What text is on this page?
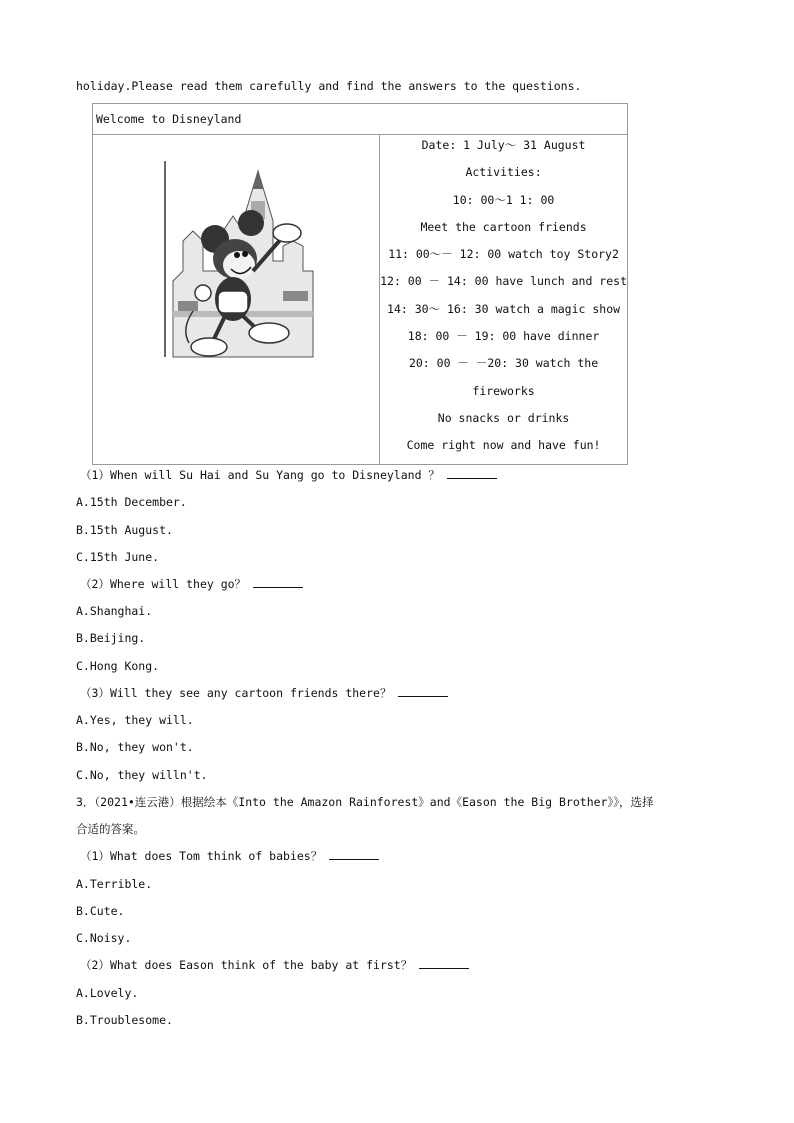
holiday.Please read them carefully and find the answers to the questions.
Welcome to Disneyland

Date: 1 July～ 31 August
Activities:
10: 00～1 1: 00
Meet the cartoon friends
11: 00～－ 12: 00 watch toy Story2
12: 00 － 14: 00 have lunch and rest
14: 30～ 16: 30 watch a magic show
18: 00 － 19: 00 have dinner
20: 00 － －20: 30 watch the
fireworks
No snacks or drinks
Come right now and have fun!
（1）When will Su Hai and Su Yang go to Disneyland ？
A.15th December.
B.15th August.
C.15th June.
（2）Where will they go？
A.Shanghai.
B.Beijing.
C.Hong Kong.
（3）Will they see any cartoon friends there？
A.Yes, they will.
B.No, they won't.
C.No, they willn't.
3．（2021•连云港）根据绘本《Into the Amazon Rainforest》and《Eason the Big Brother》》，选择
合适的答案。
（1）What does Tom think of babies？
A.Terrible.
B.Cute.
C.Noisy.
（2）What does Eason think of the baby at first？
A.Lovely.
B.Troublesome.
